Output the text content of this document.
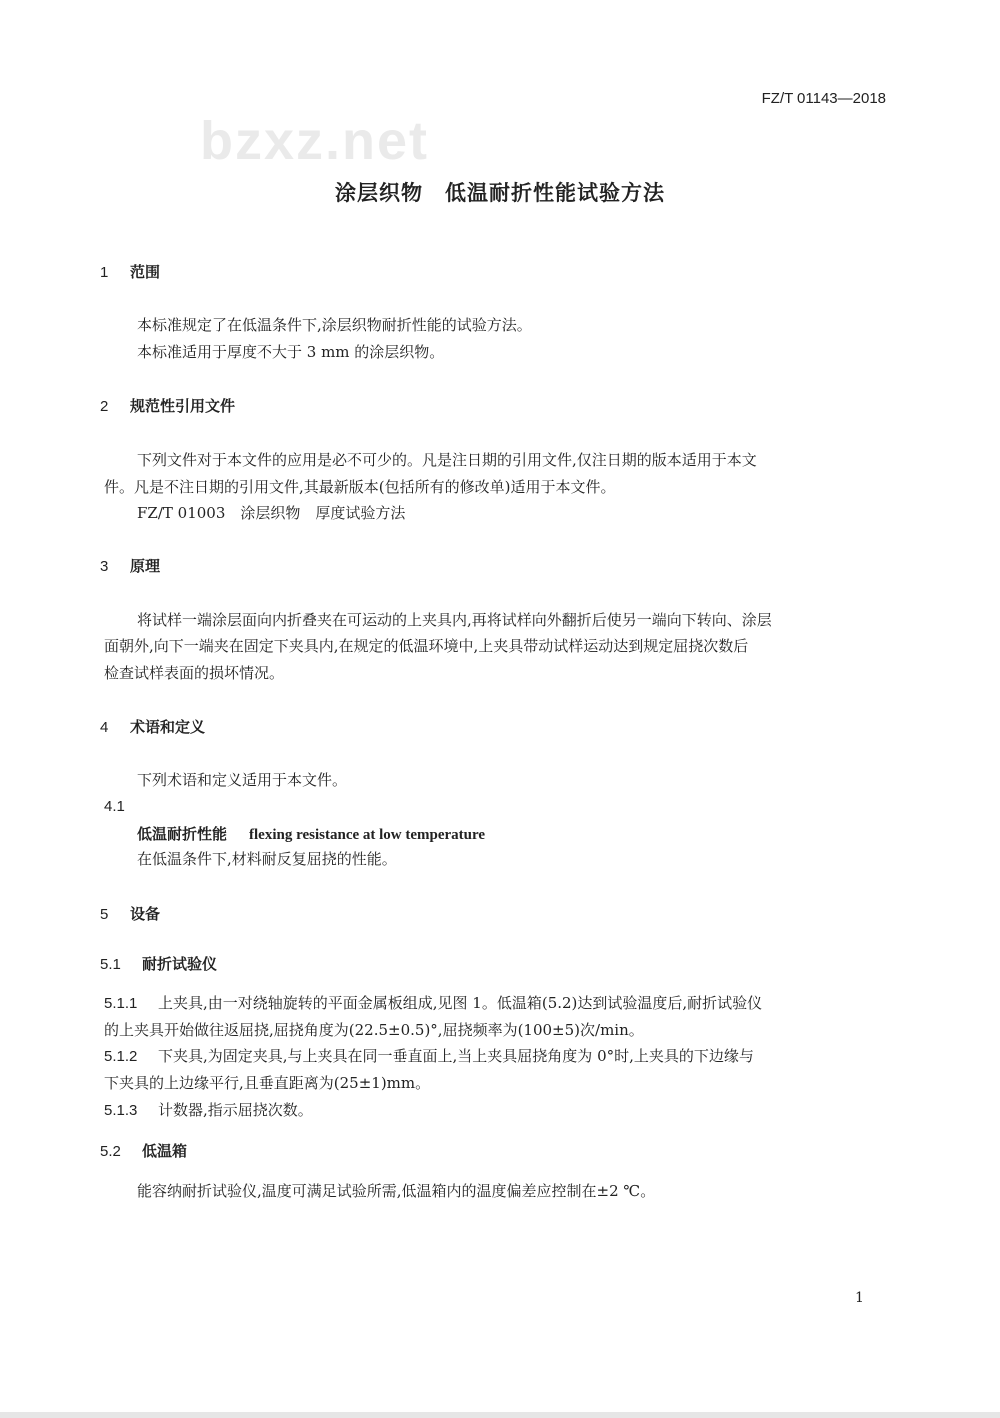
FZ/T 01143—2018
bzxz.net
涂层织物　低温耐折性能试验方法
1 范围
本标准规定了在低温条件下,涂层织物耐折性能的试验方法。
本标准适用于厚度不大于 3 mm 的涂层织物。
2 规范性引用文件
下列文件对于本文件的应用是必不可少的。凡是注日期的引用文件,仅注日期的版本适用于本文
件。凡是不注日期的引用文件,其最新版本(包括所有的修改单)适用于本文件。
FZ/T 01003　涂层织物　厚度试验方法
3 原理
将试样一端涂层面向内折叠夹在可运动的上夹具内,再将试样向外翻折后使另一端向下转向、涂层
面朝外,向下一端夹在固定下夹具内,在规定的低温环境中,上夹具带动试样运动达到规定屈挠次数后
检查试样表面的损坏情况。
4 术语和定义
下列术语和定义适用于本文件。
4.1
低温耐折性能 flexing resistance at low temperature
在低温条件下,材料耐反复屈挠的性能。
5 设备
5.1 耐折试验仪
5.1.1 上夹具,由一对绕轴旋转的平面金属板组成,见图 1。低温箱(5.2)达到试验温度后,耐折试验仪
的上夹具开始做往返屈挠,屈挠角度为(22.5±0.5)°,屈挠频率为(100±5)次/min。
5.1.2 下夹具,为固定夹具,与上夹具在同一垂直面上,当上夹具屈挠角度为 0°时,上夹具的下边缘与
下夹具的上边缘平行,且垂直距离为(25±1)mm。
5.1.3 计数器,指示屈挠次数。
5.2 低温箱
能容纳耐折试验仪,温度可满足试验所需,低温箱内的温度偏差应控制在±2 ℃。
1
